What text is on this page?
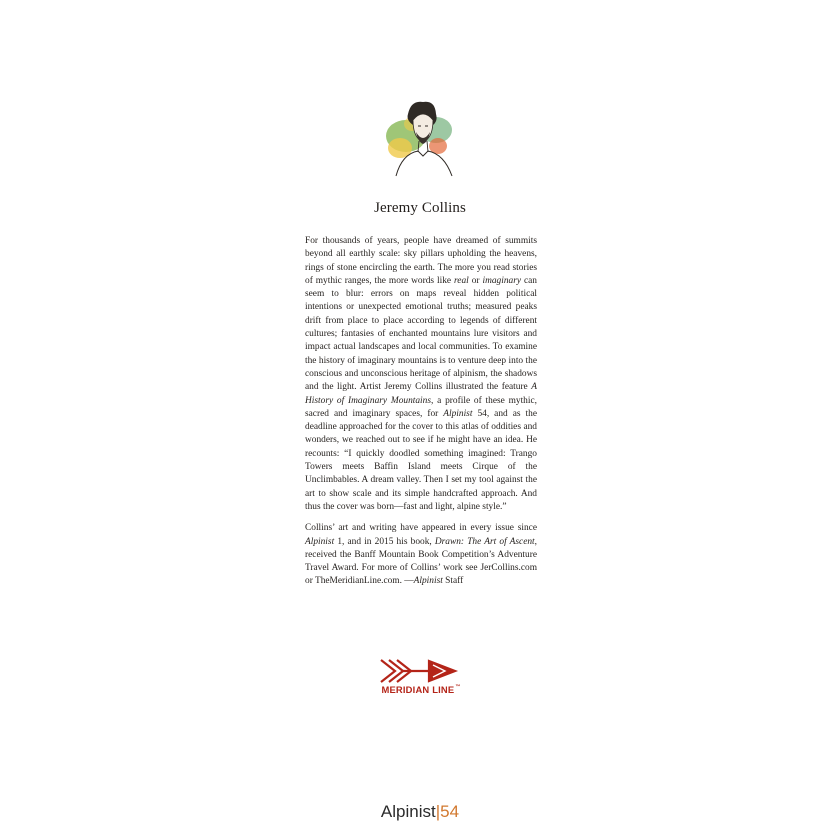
Jeremy Collins

For thousands of years, people have dreamed of summits beyond all earthly scale: sky pillars upholding the heavens, rings of stone encircling the earth. The more you read stories of mythic ranges, the more words like real or imaginary can seem to blur: errors on maps reveal hidden political intentions or unexpected emotional truths; measured peaks drift from place to place according to legends of different cultures; fantasies of enchanted mountains lure visitors and impact actual landscapes and local communities. To examine the history of imaginary mountains is to venture deep into the conscious and unconscious heritage of alpinism, the shadows and the light. Artist Jeremy Collins illustrated the feature A History of Imaginary Mountains, a profile of these mythic, sacred and imaginary spaces, for Alpinist 54, and as the deadline approached for the cover to this atlas of oddities and wonders, we reached out to see if he might have an idea. He recounts: “I quickly doodled something imagined: Trango Towers meets Baffin Island meets Cirque of the Unclimbables. A dream valley. Then I set my tool against the art to show scale and its simple handcrafted approach. And thus the cover was born—fast and light, alpine style.”

Collins’ art and writing have appeared in every issue since Alpinist 1, and in 2015 his book, Drawn: The Art of Ascent, received the Banff Mountain Book Competition’s Adventure Travel Award. For more of Collins’ work see JerCollins.com or TheMeridianLine.com. —Alpinist Staff

MERIDIAN LINE™
Alpinist|54
